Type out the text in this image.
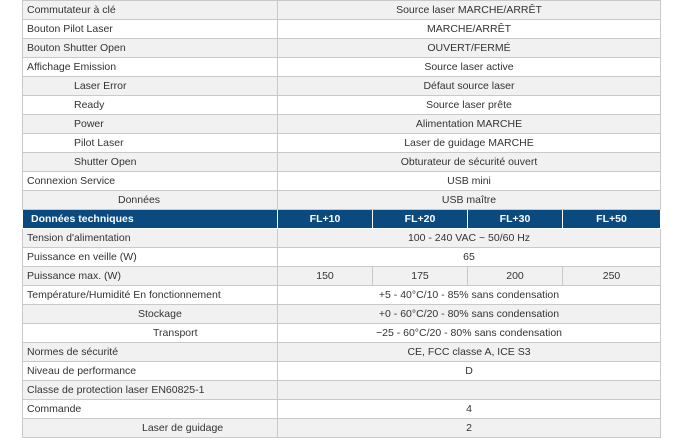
Commutateur à clé	Source laser MARCHE/ARRÊT			
Bouton Pilot Laser	MARCHE/ARRÊT			
Bouton Shutter Open	OUVERT/FERMÉ			
Affichage Emission	Source laser active			
Laser Error	Défaut source laser			
Ready	Source laser prête			
Power	Alimentation MARCHE			
Pilot Laser	Laser de guidage MARCHE			
Shutter Open	Obturateur de sécurité ouvert			
Connexion Service	USB mini			
Données	USB maître			
Données techniques	FL+10	FL+20	FL+30	FL+50
Tension d'alimentation	100 - 240 VAC ~ 50/60 Hz			
Puissance en veille (W)	65			
Puissance max. (W)	150	175	200	250
Température/Humidité En fonctionnement	+5 - 40°C/10 - 85% sans condensation			
Stockage	+0 - 60°C/20 - 80% sans condensation			
Transport	−25 - 60°C/20 - 80% sans condensation			
Normes de sécurité	CE, FCC classe A, ICE S3			
Niveau de performance	D			
Classe de protection laser EN60825-1				
Commande	4			
Laser de guidage	2			
